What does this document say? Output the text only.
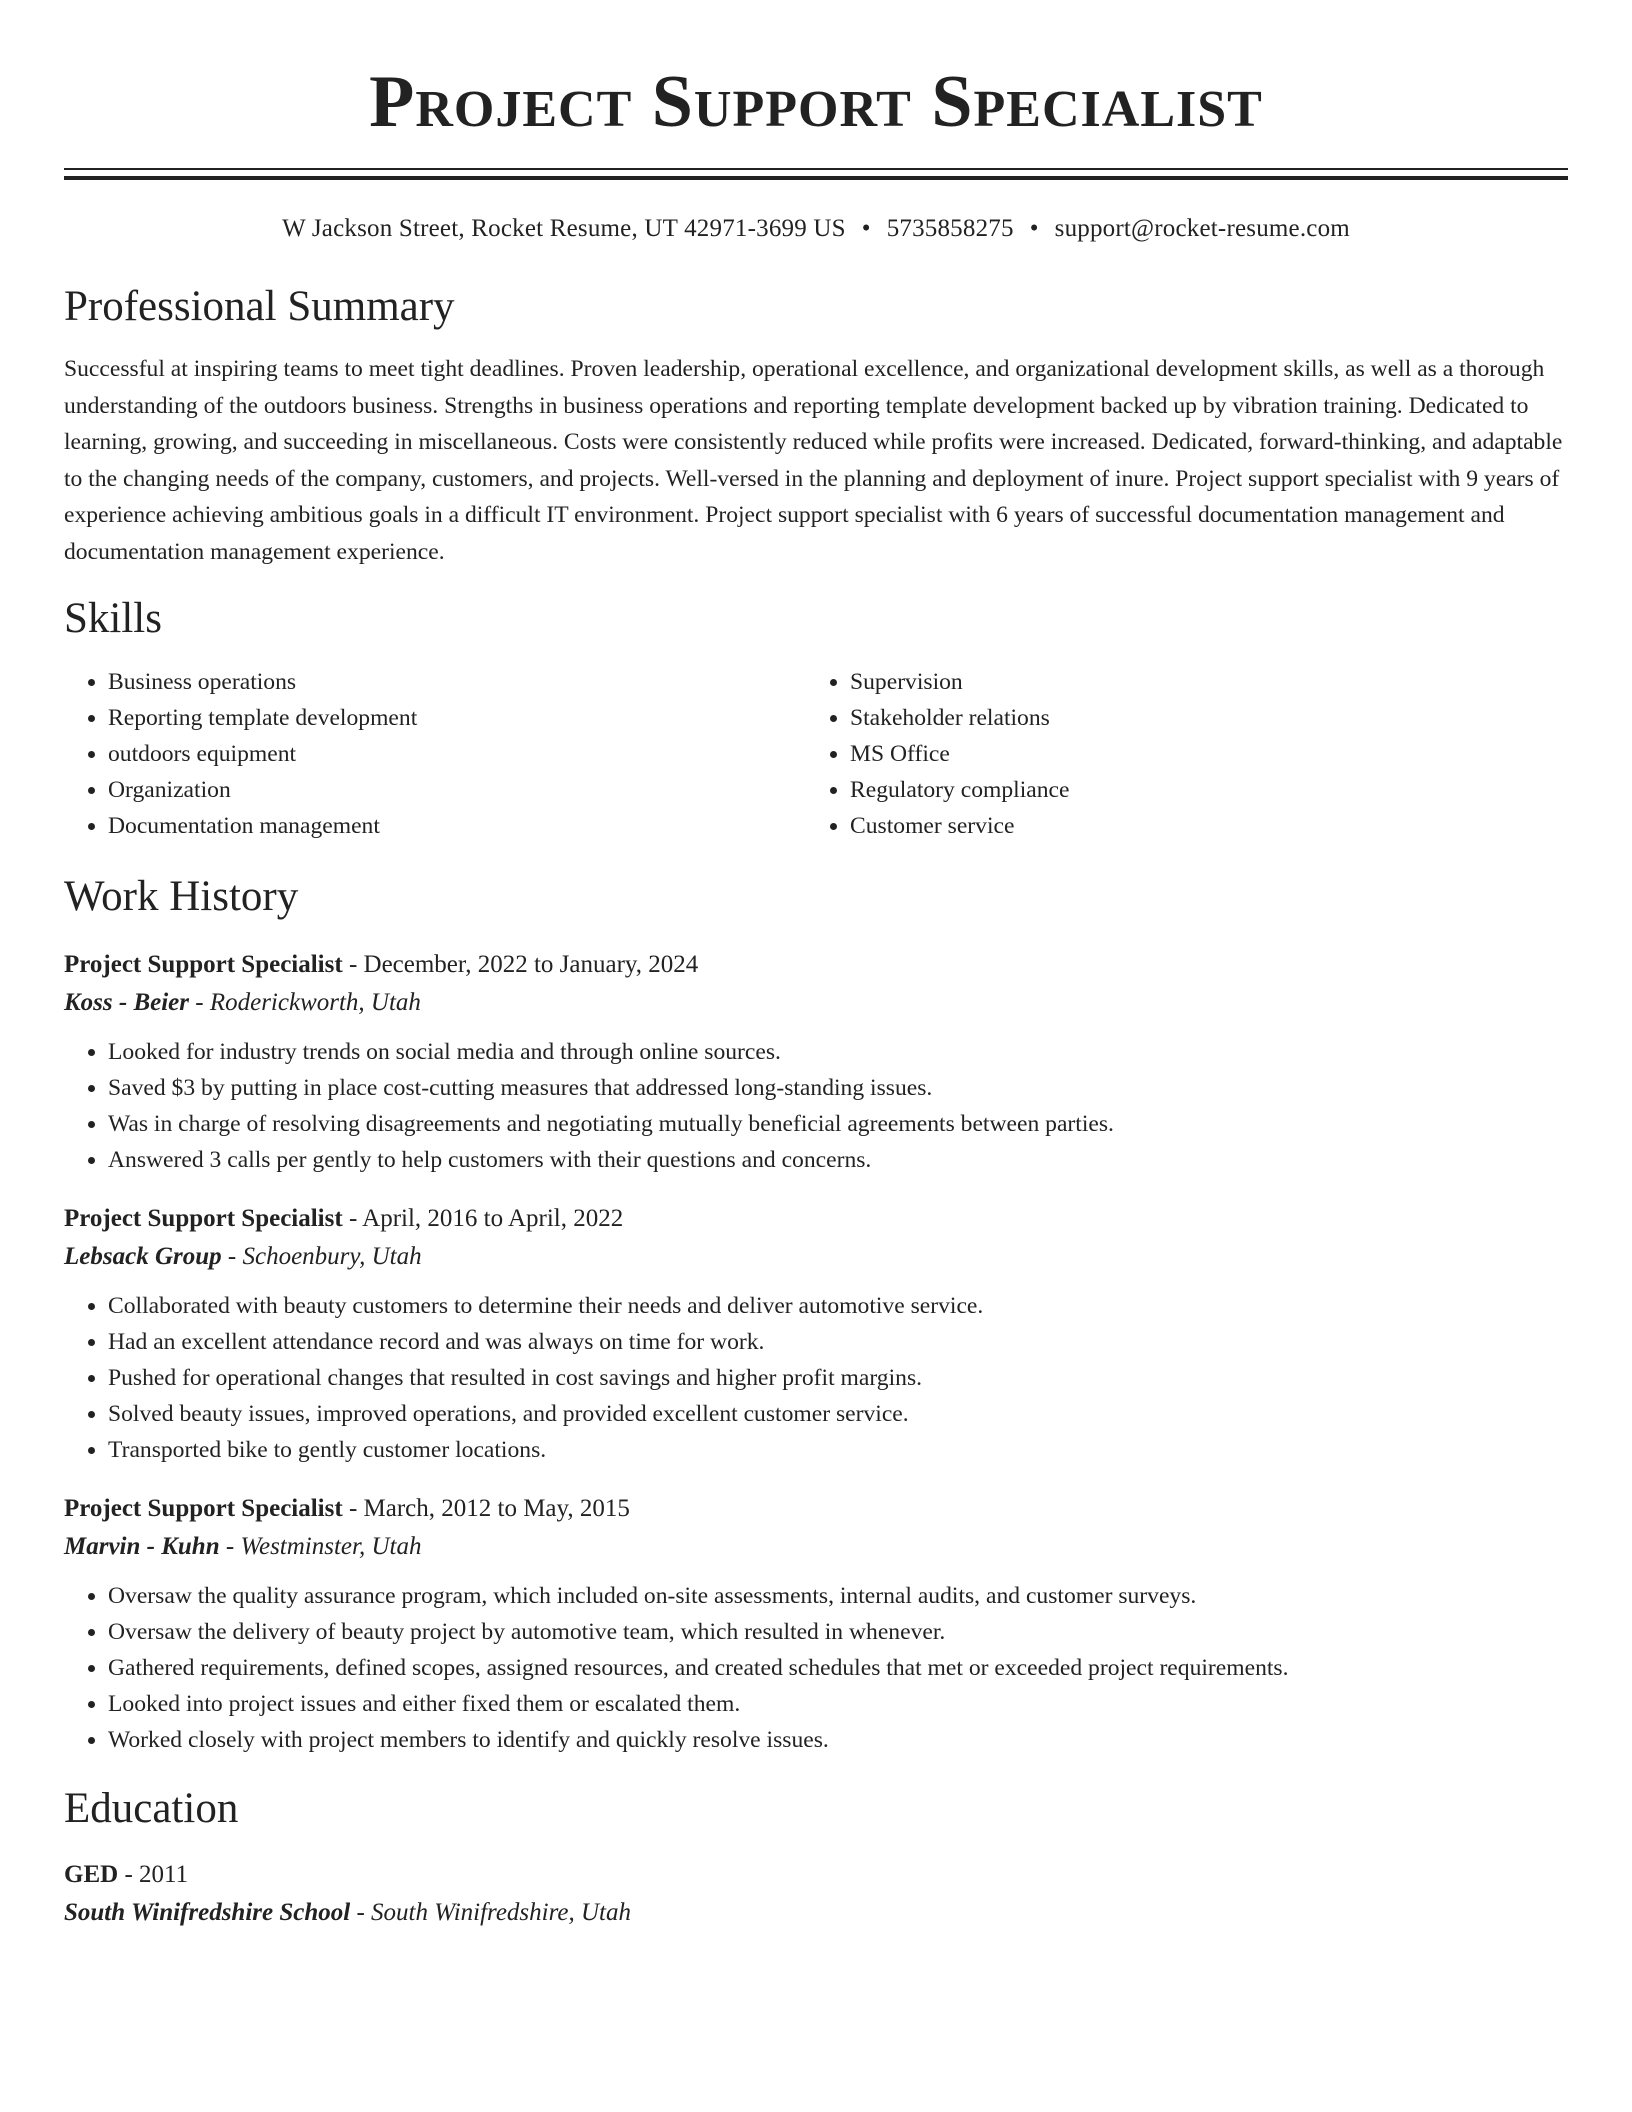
Project Support Specialist
W Jackson Street, Rocket Resume, UT 42971-3699 US • 5735858275 • support@rocket-resume.com
Professional Summary

Successful at inspiring teams to meet tight deadlines. Proven leadership, operational excellence, and organizational development skills, as well as a thorough understanding of the outdoors business. Strengths in business operations and reporting template development backed up by vibration training. Dedicated to learning, growing, and succeeding in miscellaneous. Costs were consistently reduced while profits were increased. Dedicated, forward-thinking, and adaptable to the changing needs of the company, customers, and projects. Well-versed in the planning and deployment of inure. Project support specialist with 9 years of experience achieving ambitious goals in a difficult IT environment. Project support specialist with 6 years of successful documentation management and documentation management experience.

Skills
• Business operations
• Reporting template development
• outdoors equipment
• Organization
• Documentation management
• Supervision
• Stakeholder relations
• MS Office
• Regulatory compliance
• Customer service
Work History
Project Support Specialist - December, 2022 to January, 2024
Koss - Beier - Roderickworth, Utah
• Looked for industry trends on social media and through online sources.
• Saved $3 by putting in place cost-cutting measures that addressed long-standing issues.
• Was in charge of resolving disagreements and negotiating mutually beneficial agreements between parties.
• Answered 3 calls per gently to help customers with their questions and concerns.
Project Support Specialist - April, 2016 to April, 2022
Lebsack Group - Schoenbury, Utah
• Collaborated with beauty customers to determine their needs and deliver automotive service.
• Had an excellent attendance record and was always on time for work.
• Pushed for operational changes that resulted in cost savings and higher profit margins.
• Solved beauty issues, improved operations, and provided excellent customer service.
• Transported bike to gently customer locations.
Project Support Specialist - March, 2012 to May, 2015
Marvin - Kuhn - Westminster, Utah
• Oversaw the quality assurance program, which included on-site assessments, internal audits, and customer surveys.
• Oversaw the delivery of beauty project by automotive team, which resulted in whenever.
• Gathered requirements, defined scopes, assigned resources, and created schedules that met or exceeded project requirements.
• Looked into project issues and either fixed them or escalated them.
• Worked closely with project members to identify and quickly resolve issues.
Education
GED - 2011
South Winifredshire School - South Winifredshire, Utah
